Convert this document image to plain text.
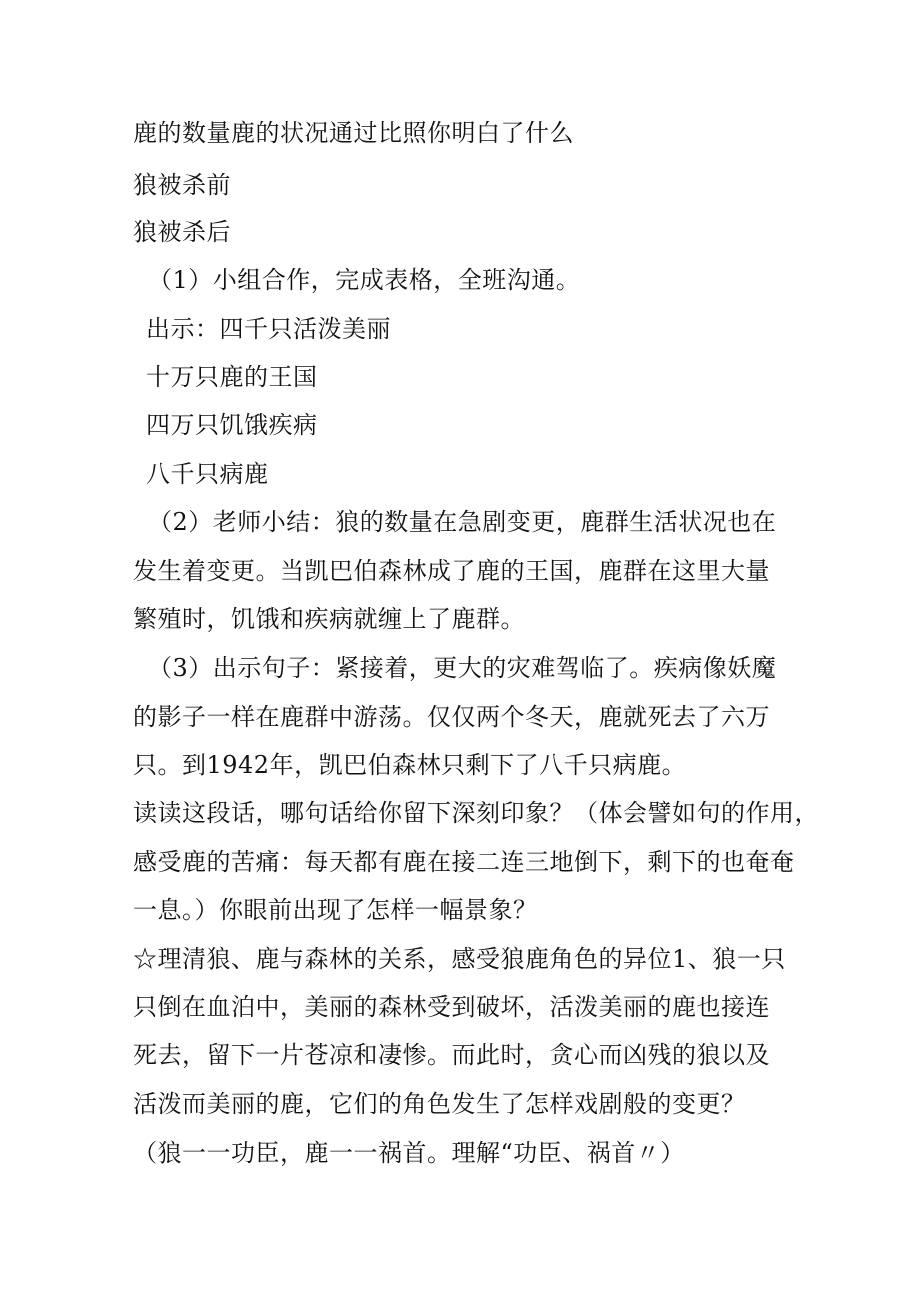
鹿的数量鹿的状况通过比照你明白了什么
狼被杀前
狼被杀后
（1）小组合作，完成表格，全班沟通。
出示：四千只活泼美丽
十万只鹿的王国
四万只饥饿疾病
八千只病鹿
（2）老师小结：狼的数量在急剧变更，鹿群生活状况也在
发生着变更。当凯巴伯森林成了鹿的王国，鹿群在这里大量
繁殖时，饥饿和疾病就缠上了鹿群。
（3）出示句子：紧接着，更大的灾难驾临了。疾病像妖魔
的影子一样在鹿群中游荡。仅仅两个冬天，鹿就死去了六万
只。到1942年，凯巴伯森林只剩下了八千只病鹿。
读读这段话，哪句话给你留下深刻印象？（体会譬如句的作用，
感受鹿的苦痛：每天都有鹿在接二连三地倒下，剩下的也奄奄
一息。）你眼前出现了怎样一幅景象？
☆理清狼、鹿与森林的关系，感受狼鹿角色的异位1、狼一只
只倒在血泊中，美丽的森林受到破坏，活泼美丽的鹿也接连
死去，留下一片苍凉和凄惨。而此时，贪心而凶残的狼以及
活泼而美丽的鹿，它们的角色发生了怎样戏剧般的变更？
（狼一一功臣，鹿一一祸首。理解“功臣、祸首〃）
